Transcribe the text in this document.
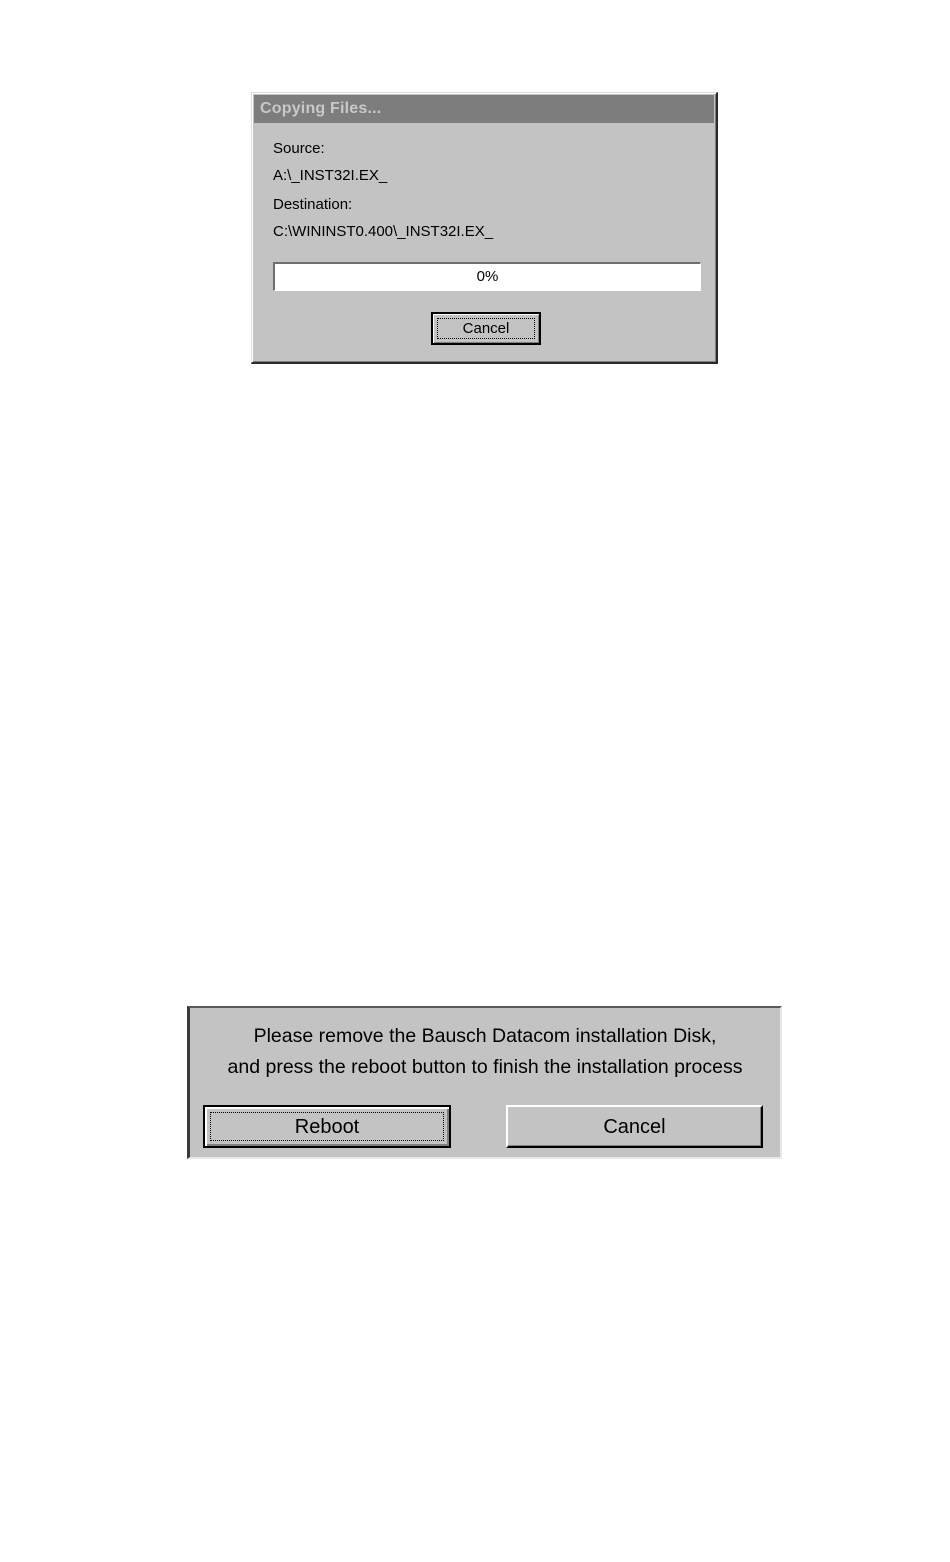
Copying Files...
Source:
A:\_INST32I.EX_
Destination:
C:\WININST0.400\_INST32I.EX_
0%
Cancel
Please remove the Bausch Datacom installation Disk,
and press the reboot button to finish the installation process
Reboot	Cancel
